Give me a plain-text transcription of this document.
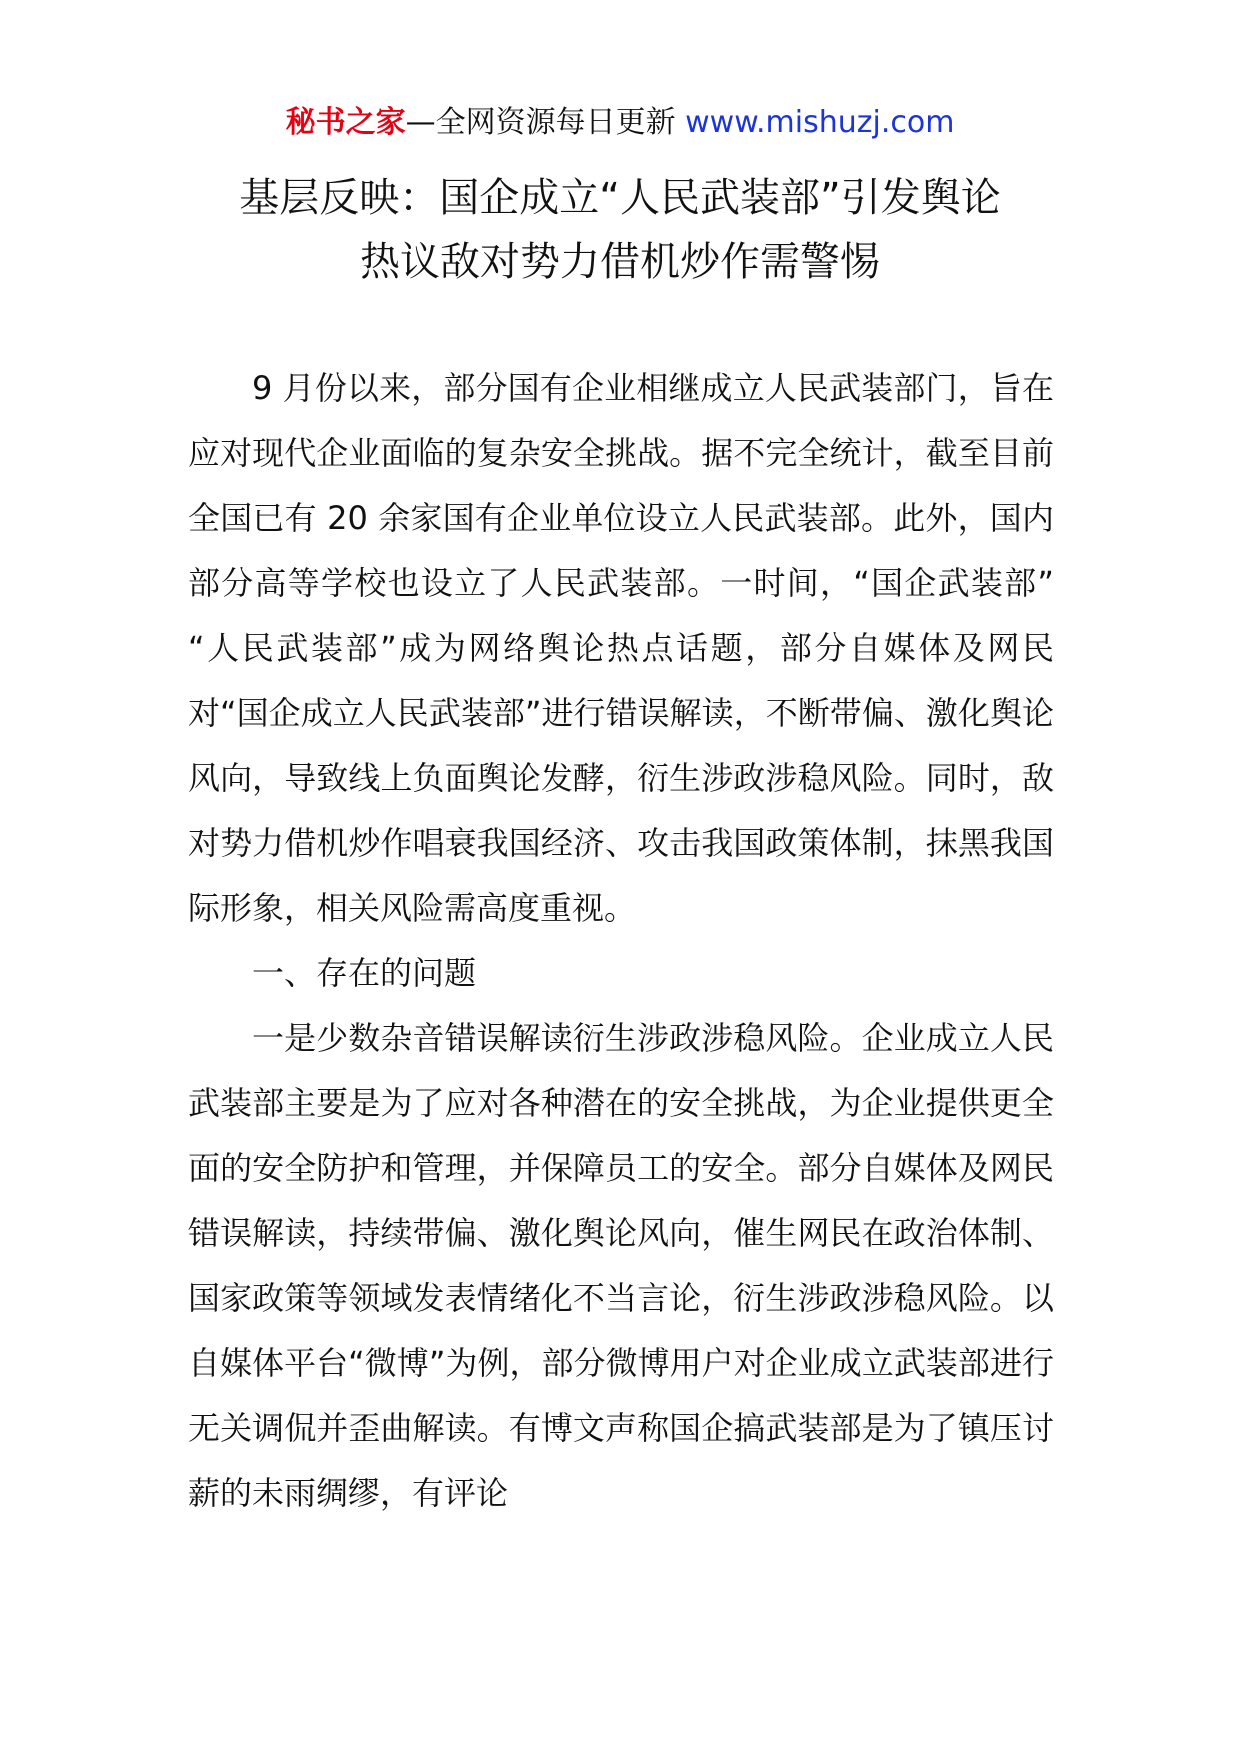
秘书之家—全网资源每日更新 www.mishuzj.com
基层反映：国企成立“人民武装部”引发舆论
热议敌对势力借机炒作需警惕

9 月份以来，部分国有企业相继成立人民武装部门，旨在应对现代企业面临的复杂安全挑战。据不完全统计，截至目前全国已有 20 余家国有企业单位设立人民武装部。此外，国内部分高等学校也设立了人民武装部。一时间，“国企武装部” “人民武装部”成为网络舆论热点话题，部分自媒体及网民对“国企成立人民武装部”进行错误解读，不断带偏、激化舆论风向，导致线上负面舆论发酵，衍生涉政涉稳风险。同时，敌对势力借机炒作唱衰我国经济、攻击我国政策体制，抹黑我国际形象，相关风险需高度重视。

一、存在的问题

一是少数杂音错误解读衍生涉政涉稳风险。企业成立人民武装部主要是为了应对各种潜在的安全挑战，为企业提供更全面的安全防护和管理，并保障员工的安全。部分自媒体及网民错误解读，持续带偏、激化舆论风向，催生网民在政治体制、国家政策等领域发表情绪化不当言论，衍生涉政涉稳风险。以自媒体平台“微博”为例，部分微博用户对企业成立武装部进行无关调侃并歪曲解读。有博文声称国企搞武装部是为了镇压讨薪的未雨绸缪，有评论
